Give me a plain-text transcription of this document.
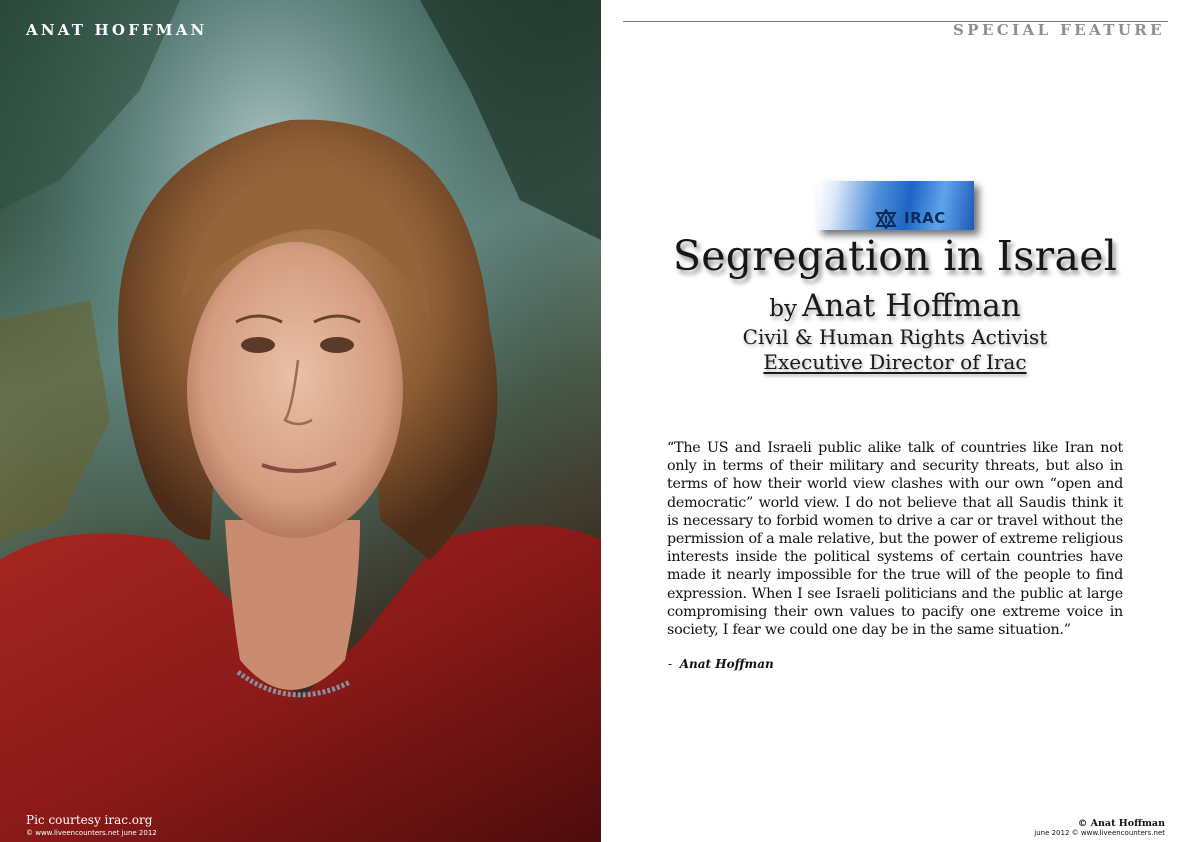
ANAT HOFFMAN
Pic courtesy irac.org
© www.liveencounters.net june 2012
SPECIAL FEATURE
IRAC
Segregation in Israel
by Anat Hoffman
Civil & Human Rights Activist
Executive Director of Irac
“The US and Israeli public alike talk of countries like Iran not only in terms of their military and security threats, but also in terms of how their world view clashes with our own “open and democratic” world view. I do not believe that all Saudis think it is necessary to forbid women to drive a car or travel without the permission of a male relative, but the power of extreme religious interests inside the political systems of certain countries have made it nearly impossible for the true will of the people to find expression. When I see Israeli politicians and the public at large compromising their own values to pacify one extreme voice in society, I fear we could one day be in the same situation.”
- Anat Hoffman
© Anat Hoffman
june 2012 © www.liveencounters.net
